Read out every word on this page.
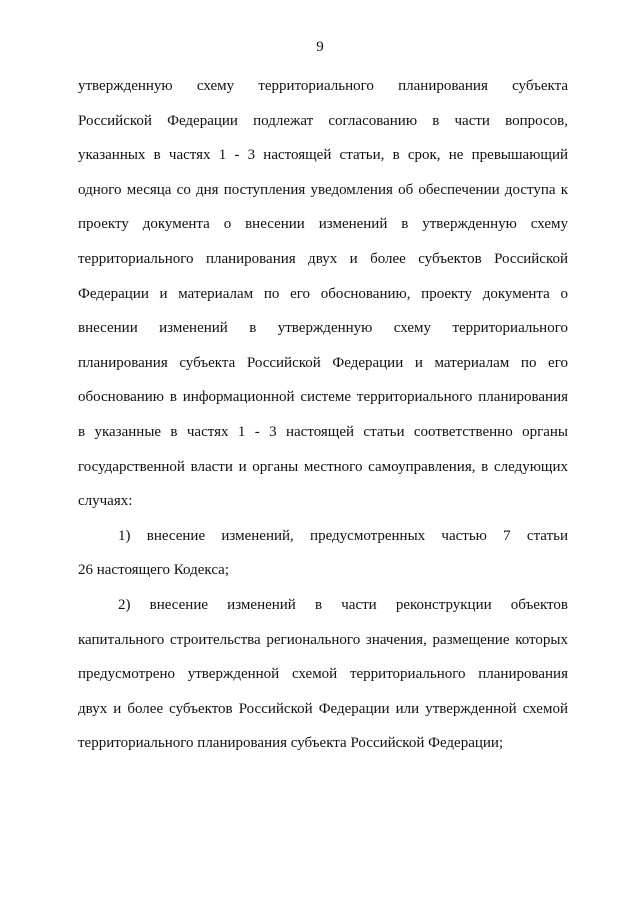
9
утвержденную схему территориального планирования субъекта
Российской Федерации подлежат согласованию в части вопросов,
указанных в частях 1 - 3 настоящей статьи, в срок, не превышающий
одного месяца со дня поступления уведомления об обеспечении доступа к
проекту документа о внесении изменений в утвержденную схему
территориального планирования двух и более субъектов Российской
Федерации и материалам по его обоснованию, проекту документа о
внесении изменений в утвержденную схему территориального
планирования субъекта Российской Федерации и материалам по его
обоснованию в информационной системе территориального планирования
в указанные в частях 1 - 3 настоящей статьи соответственно органы
государственной власти и органы местного самоуправления, в следующих
случаях:
1) внесение изменений, предусмотренных частью 7 статьи
26 настоящего Кодекса;
2) внесение изменений в части реконструкции объектов
капитального строительства регионального значения, размещение которых
предусмотрено утвержденной схемой территориального планирования
двух и более субъектов Российской Федерации или утвержденной схемой
территориального планирования субъекта Российской Федерации;
